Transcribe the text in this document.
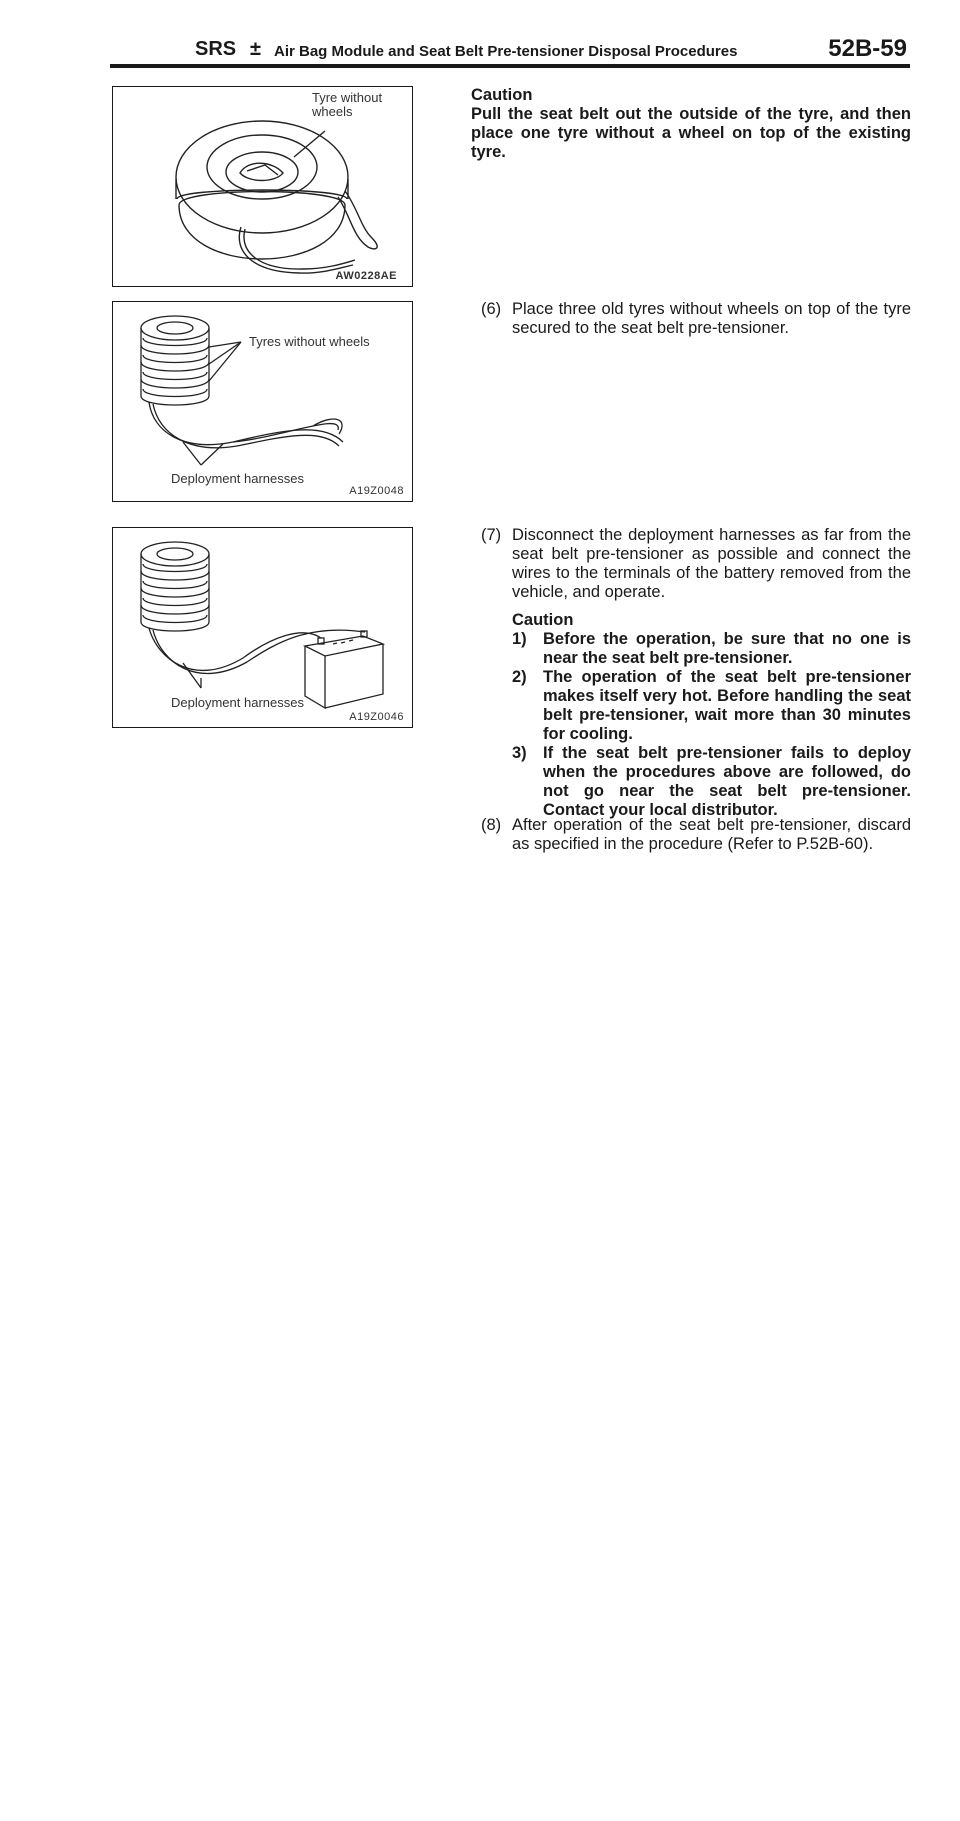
SRS ± Air Bag Module and Seat Belt Pre-tensioner Disposal Procedures	52B-59
Tyre without
wheels
AW0228AE
Tyres without wheels
Deployment harnesses
A19Z0048
Deployment harnesses
A19Z0046
Caution
Pull the seat belt out the outside of the tyre, and then place one tyre without a wheel on top of the existing tyre.
(6) Place three old tyres without wheels on top of the tyre secured to the seat belt pre-tensioner.
(7) Disconnect the deployment harnesses as far from the seat belt pre-tensioner as possible and connect the wires to the terminals of the battery removed from the vehicle, and operate.
Caution
1) Before the operation, be sure that no one is near the seat belt pre-tensioner.
2) The operation of the seat belt pre-tensioner makes itself very hot. Before handling the seat belt pre-tensioner, wait more than 30 minutes for cooling.
3) If the seat belt pre-tensioner fails to deploy when the procedures above are followed, do not go near the seat belt pre-tensioner. Contact your local distributor.
(8) After operation of the seat belt pre-tensioner, discard as specified in the procedure (Refer to P.52B-60).
